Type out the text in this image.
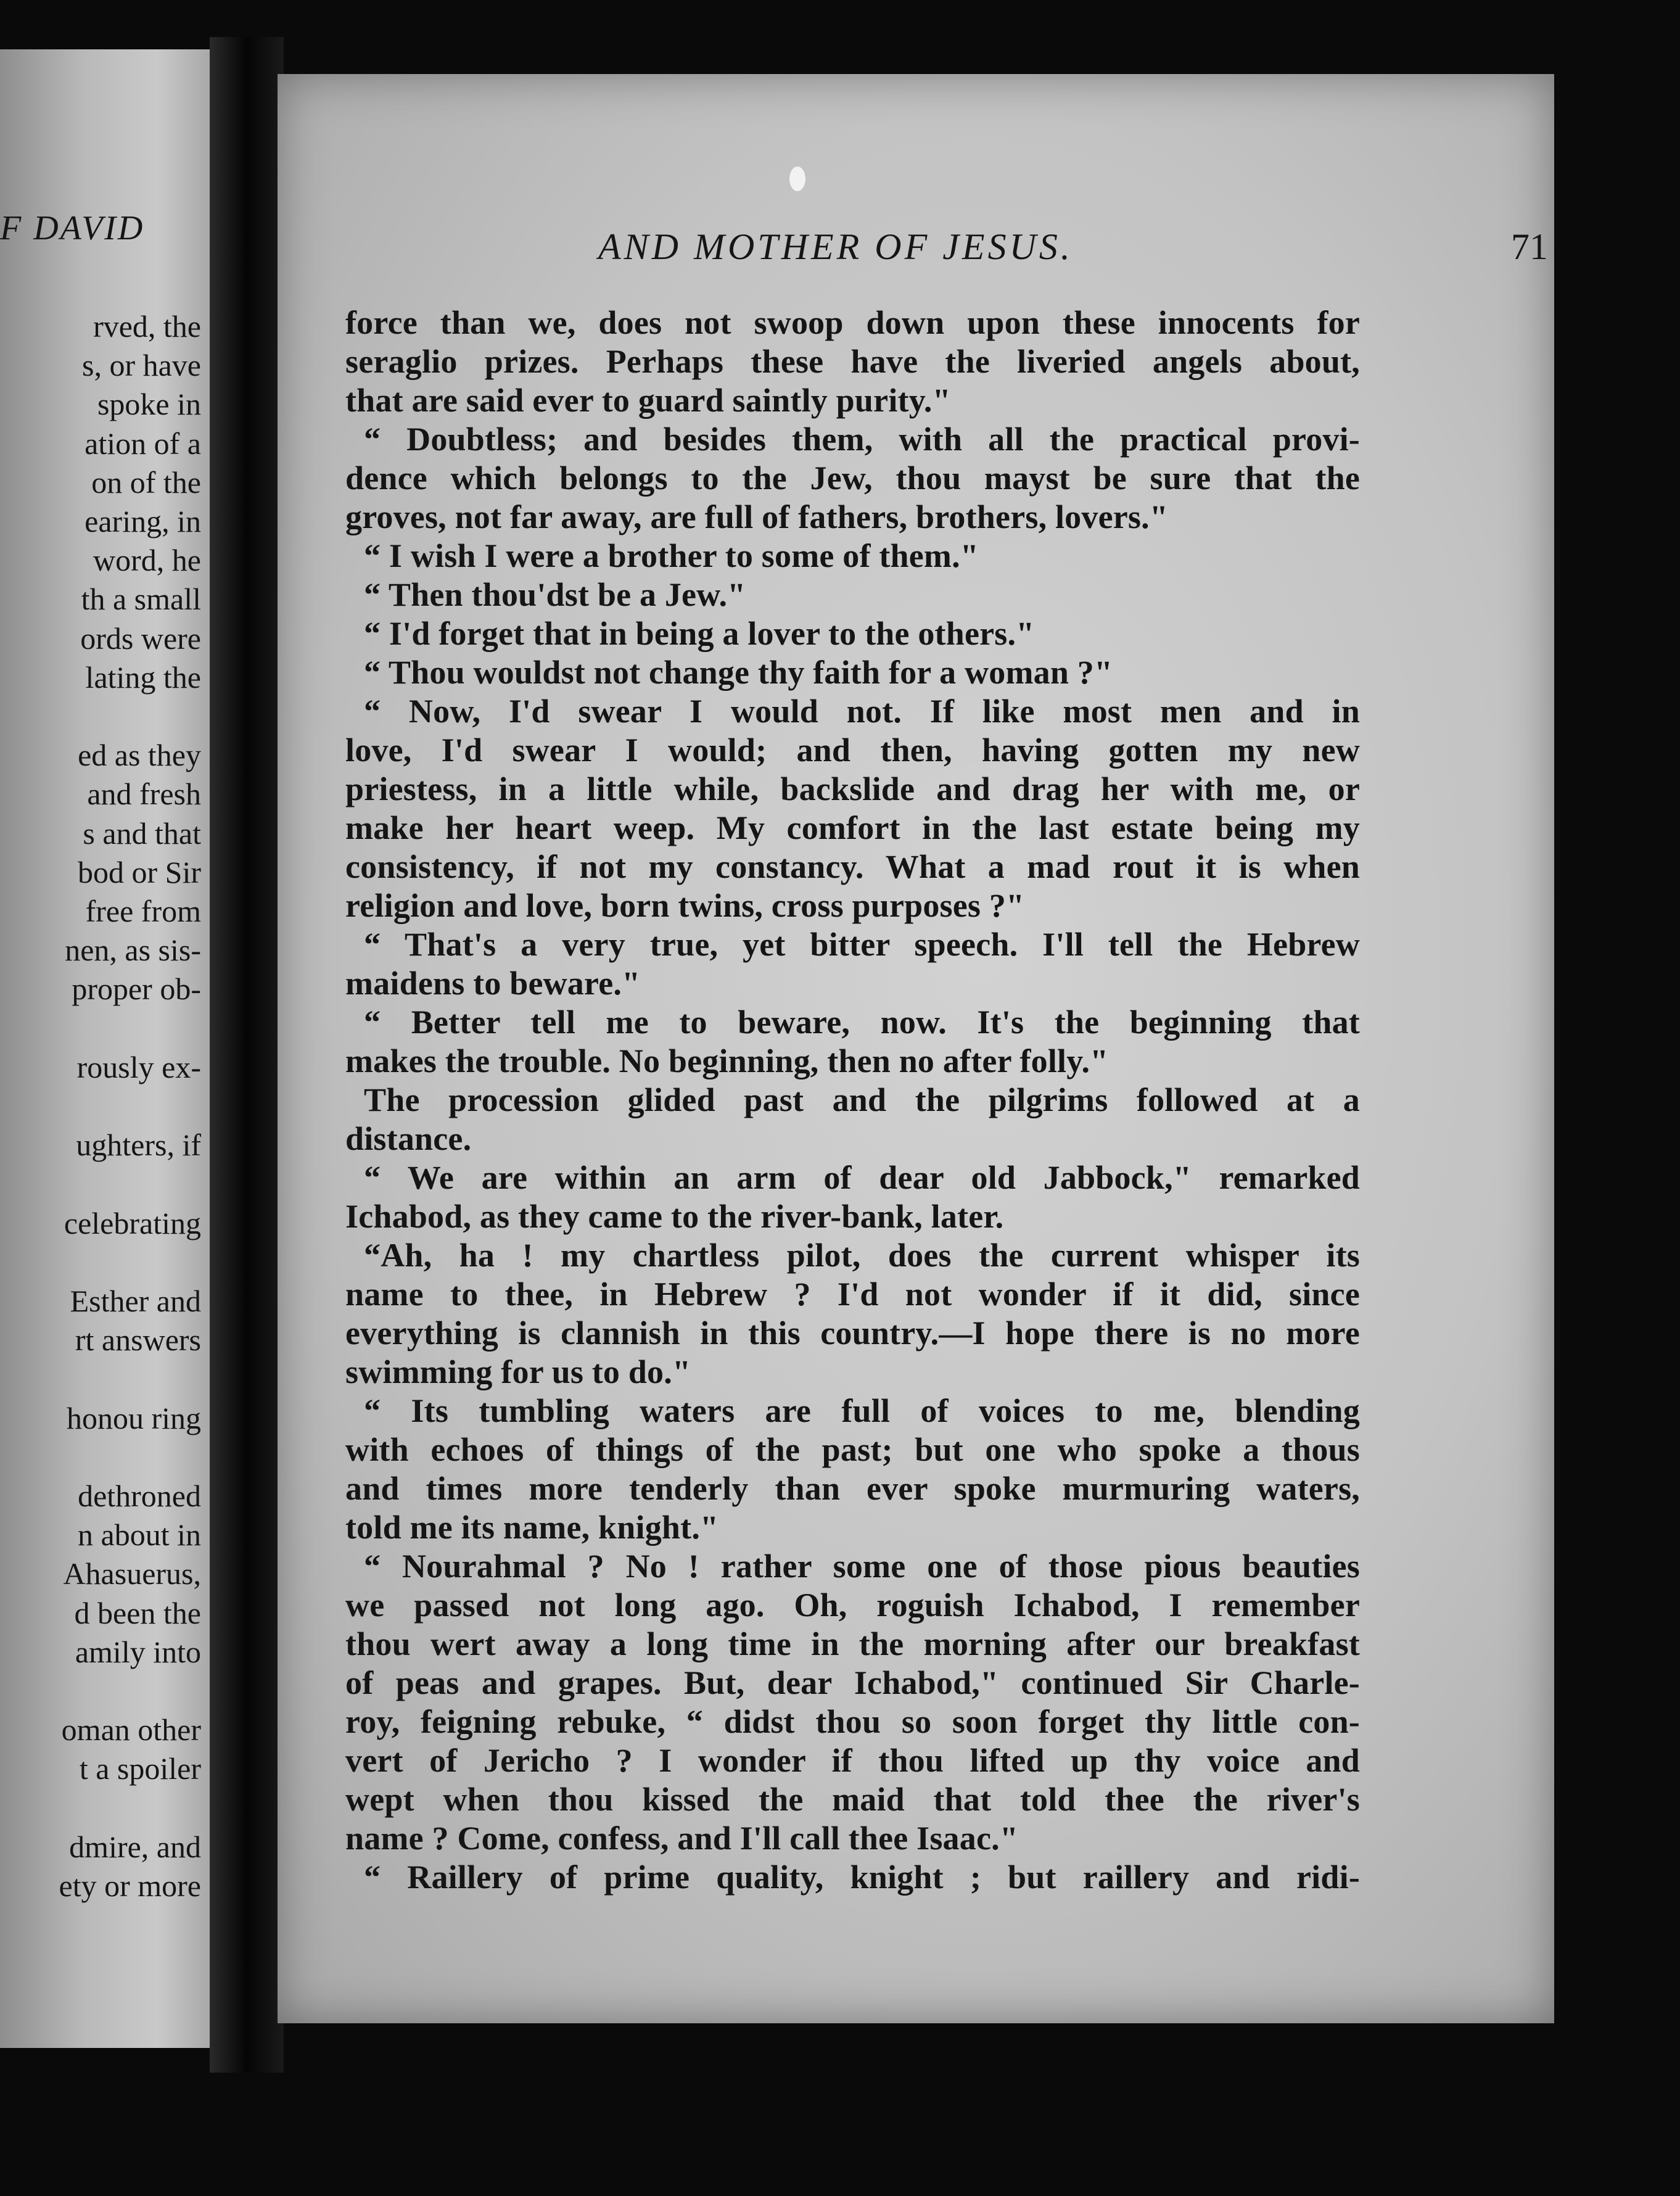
F DAVID
rved, the
s, or have
spoke in
ation of a
on of the
earing, in
word, he
th a small
ords were
lating the
ed as they
and fresh
s and that
bod or Sir
free from
nen, as sis-
proper ob-
rously ex-
ughters, if
celebrating
Esther and
rt answers
honou ring
dethroned
n about in
Ahasuerus,
d been the
amily into
oman other
t a spoiler
dmire, and
ety or more
AND MOTHER OF JESUS.	71
force than we, does not swoop down upon these innocents for
seraglio prizes. Perhaps these have the liveried angels about,
that are said ever to guard saintly purity."
“ Doubtless; and besides them, with all the practical provi-
dence which belongs to the Jew, thou mayst be sure that the
groves, not far away, are full of fathers, brothers, lovers."
“ I wish I were a brother to some of them."
“ Then thou'dst be a Jew."
“ I'd forget that in being a lover to the others."
“ Thou wouldst not change thy faith for a woman ?"
“ Now, I'd swear I would not. If like most men and in
love, I'd swear I would; and then, having gotten my new
priestess, in a little while, backslide and drag her with me, or
make her heart weep. My comfort in the last estate being my
consistency, if not my constancy. What a mad rout it is when
religion and love, born twins, cross purposes ?"
“ That's a very true, yet bitter speech. I'll tell the Hebrew
maidens to beware."
“ Better tell me to beware, now. It's the beginning that
makes the trouble. No beginning, then no after folly."
The procession glided past and the pilgrims followed at a
distance.
“ We are within an arm of dear old Jabbock," remarked
Ichabod, as they came to the river-bank, later.
“Ah, ha ! my chartless pilot, does the current whisper its
name to thee, in Hebrew ? I'd not wonder if it did, since
everything is clannish in this country.—I hope there is no more
swimming for us to do."
“ Its tumbling waters are full of voices to me, blending
with echoes of things of the past; but one who spoke a thous
and times more tenderly than ever spoke murmuring waters,
told me its name, knight."
“ Nourahmal ? No ! rather some one of those pious beauties
we passed not long ago. Oh, roguish Ichabod, I remember
thou wert away a long time in the morning after our breakfast
of peas and grapes. But, dear Ichabod," continued Sir Charle-
roy, feigning rebuke, “ didst thou so soon forget thy little con-
vert of Jericho ? I wonder if thou lifted up thy voice and
wept when thou kissed the maid that told thee the river's
name ? Come, confess, and I'll call thee Isaac."
“ Raillery of prime quality, knight ; but raillery and ridi-
